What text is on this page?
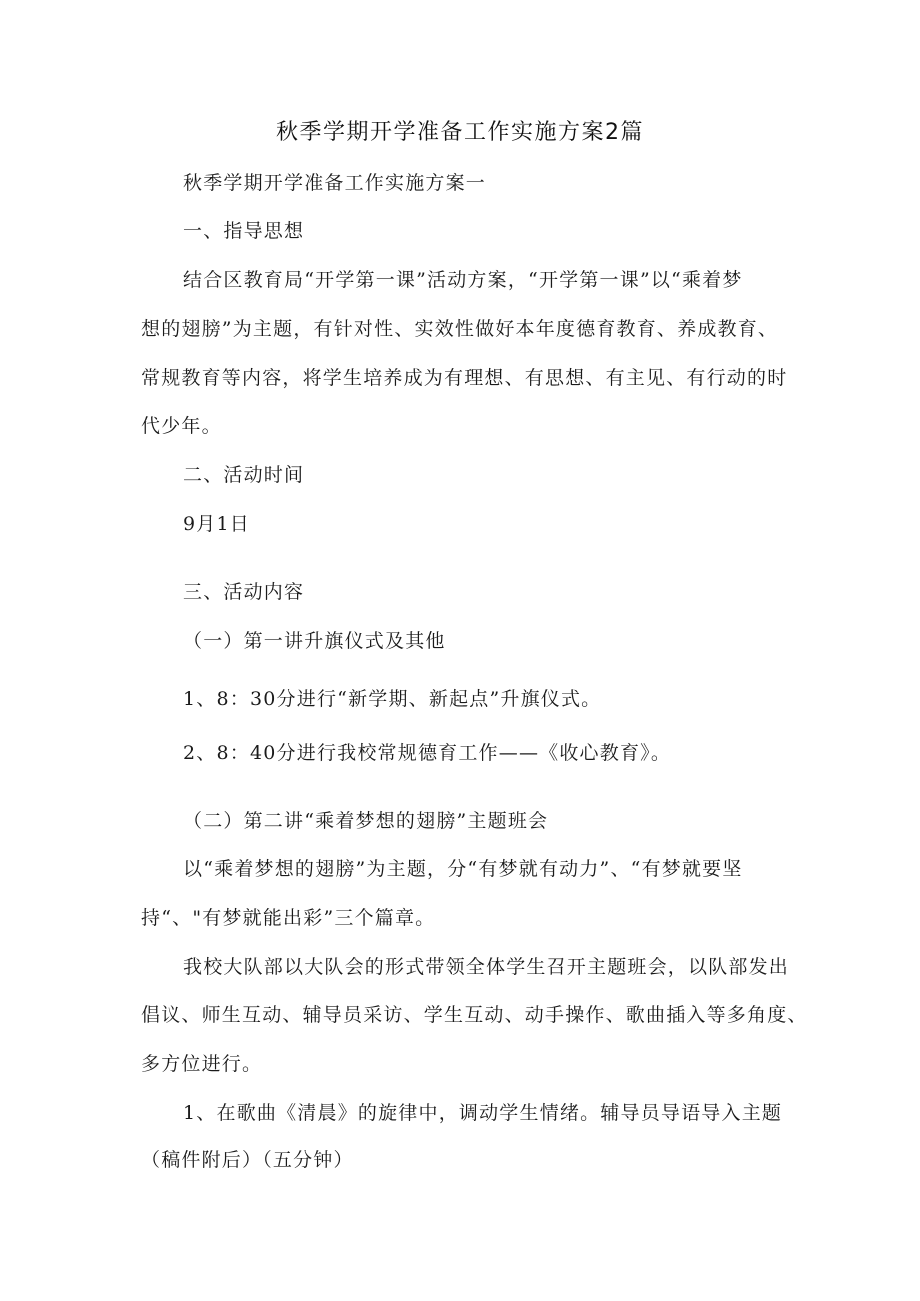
秋季学期开学准备工作实施方案2篇
秋季学期开学准备工作实施方案一
一、指导思想
结合区教育局“开学第一课”活动方案，“开学第一课”以“乘着梦
想的翅膀”为主题，有针对性、实效性做好本年度德育教育、养成教育、
常规教育等内容，将学生培养成为有理想、有思想、有主见、有行动的时
代少年。
二、活动时间
9月1日
三、活动内容
（一）第一讲升旗仪式及其他
1、8：30分进行“新学期、新起点”升旗仪式。
2、8：40分进行我校常规德育工作——《收心教育》。
（二）第二讲“乘着梦想的翅膀”主题班会
以“乘着梦想的翅膀”为主题，分“有梦就有动力”、“有梦就要坚
持“、"有梦就能出彩”三个篇章。
我校大队部以大队会的形式带领全体学生召开主题班会，以队部发出
倡议、师生互动、辅导员采访、学生互动、动手操作、歌曲插入等多角度、
多方位进行。
1、在歌曲《清晨》的旋律中，调动学生情绪。辅导员导语导入主题
（稿件附后）（五分钟）
